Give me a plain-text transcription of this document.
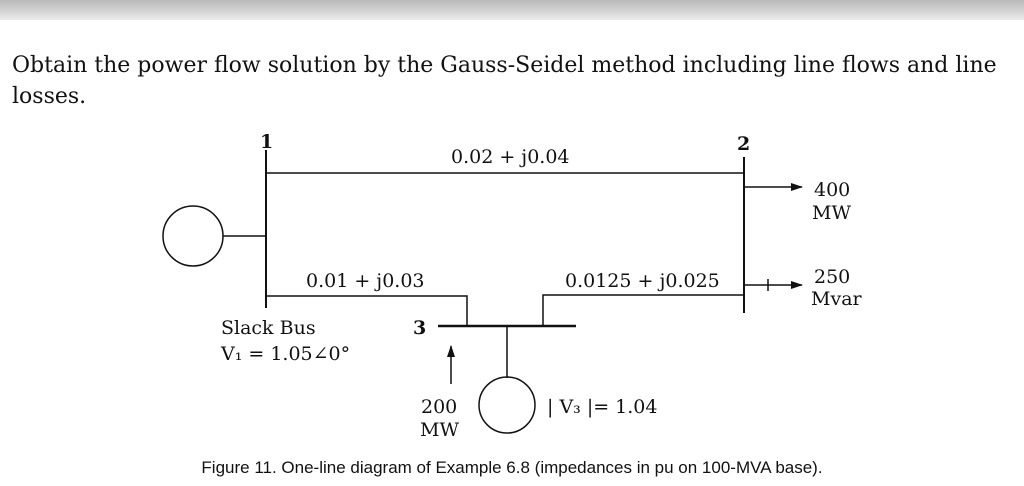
Obtain the power flow solution by the Gauss-Seidel method including line flows and line
losses.

1	2
3
0.02 + j0.04
0.01 + j0.03	0.0125 + j0.025
400
MW
250
Mvar
Slack Bus
V₁ = 1.05∠0°
200
MW
| V₃ |= 1.04
Figure 11. One-line diagram of Example 6.8 (impedances in pu on 100-MVA base).
